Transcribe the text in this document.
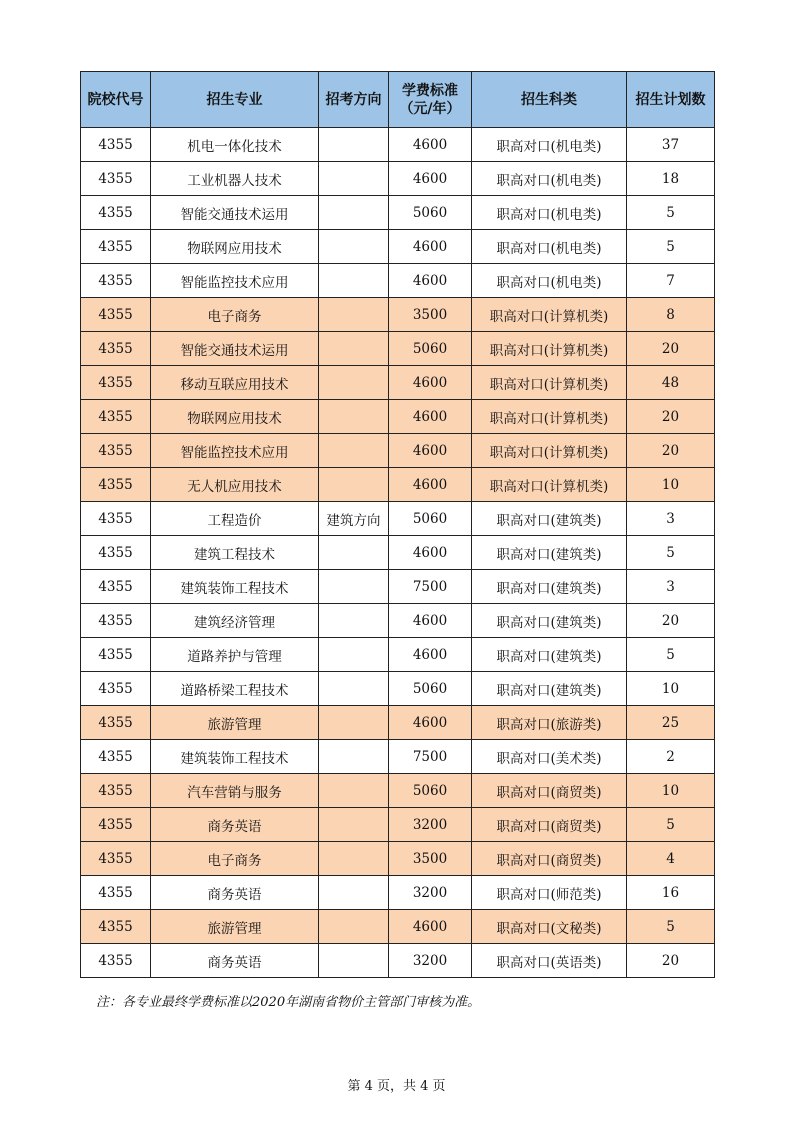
院校代号	招生专业	招考方向	学费标准
（元/年）	招生科类	招生计划数
4355	机电一体化技术		4600	职高对口(机电类)	37
4355	工业机器人技术		4600	职高对口(机电类)	18
4355	智能交通技术运用		5060	职高对口(机电类)	5
4355	物联网应用技术		4600	职高对口(机电类)	5
4355	智能监控技术应用		4600	职高对口(机电类)	7
4355	电子商务		3500	职高对口(计算机类)	8
4355	智能交通技术运用		5060	职高对口(计算机类)	20
4355	移动互联应用技术		4600	职高对口(计算机类)	48
4355	物联网应用技术		4600	职高对口(计算机类)	20
4355	智能监控技术应用		4600	职高对口(计算机类)	20
4355	无人机应用技术		4600	职高对口(计算机类)	10
4355	工程造价	建筑方向	5060	职高对口(建筑类)	3
4355	建筑工程技术		4600	职高对口(建筑类)	5
4355	建筑装饰工程技术		7500	职高对口(建筑类)	3
4355	建筑经济管理		4600	职高对口(建筑类)	20
4355	道路养护与管理		4600	职高对口(建筑类)	5
4355	道路桥梁工程技术		5060	职高对口(建筑类)	10
4355	旅游管理		4600	职高对口(旅游类)	25
4355	建筑装饰工程技术		7500	职高对口(美术类)	2
4355	汽车营销与服务		5060	职高对口(商贸类)	10
4355	商务英语		3200	职高对口(商贸类)	5
4355	电子商务		3500	职高对口(商贸类)	4
4355	商务英语		3200	职高对口(师范类)	16
4355	旅游管理		4600	职高对口(文秘类)	5
4355	商务英语		3200	职高对口(英语类)	20
注：各专业最终学费标准以2020年湖南省物价主管部门审核为准。
第 4 页，共 4 页
